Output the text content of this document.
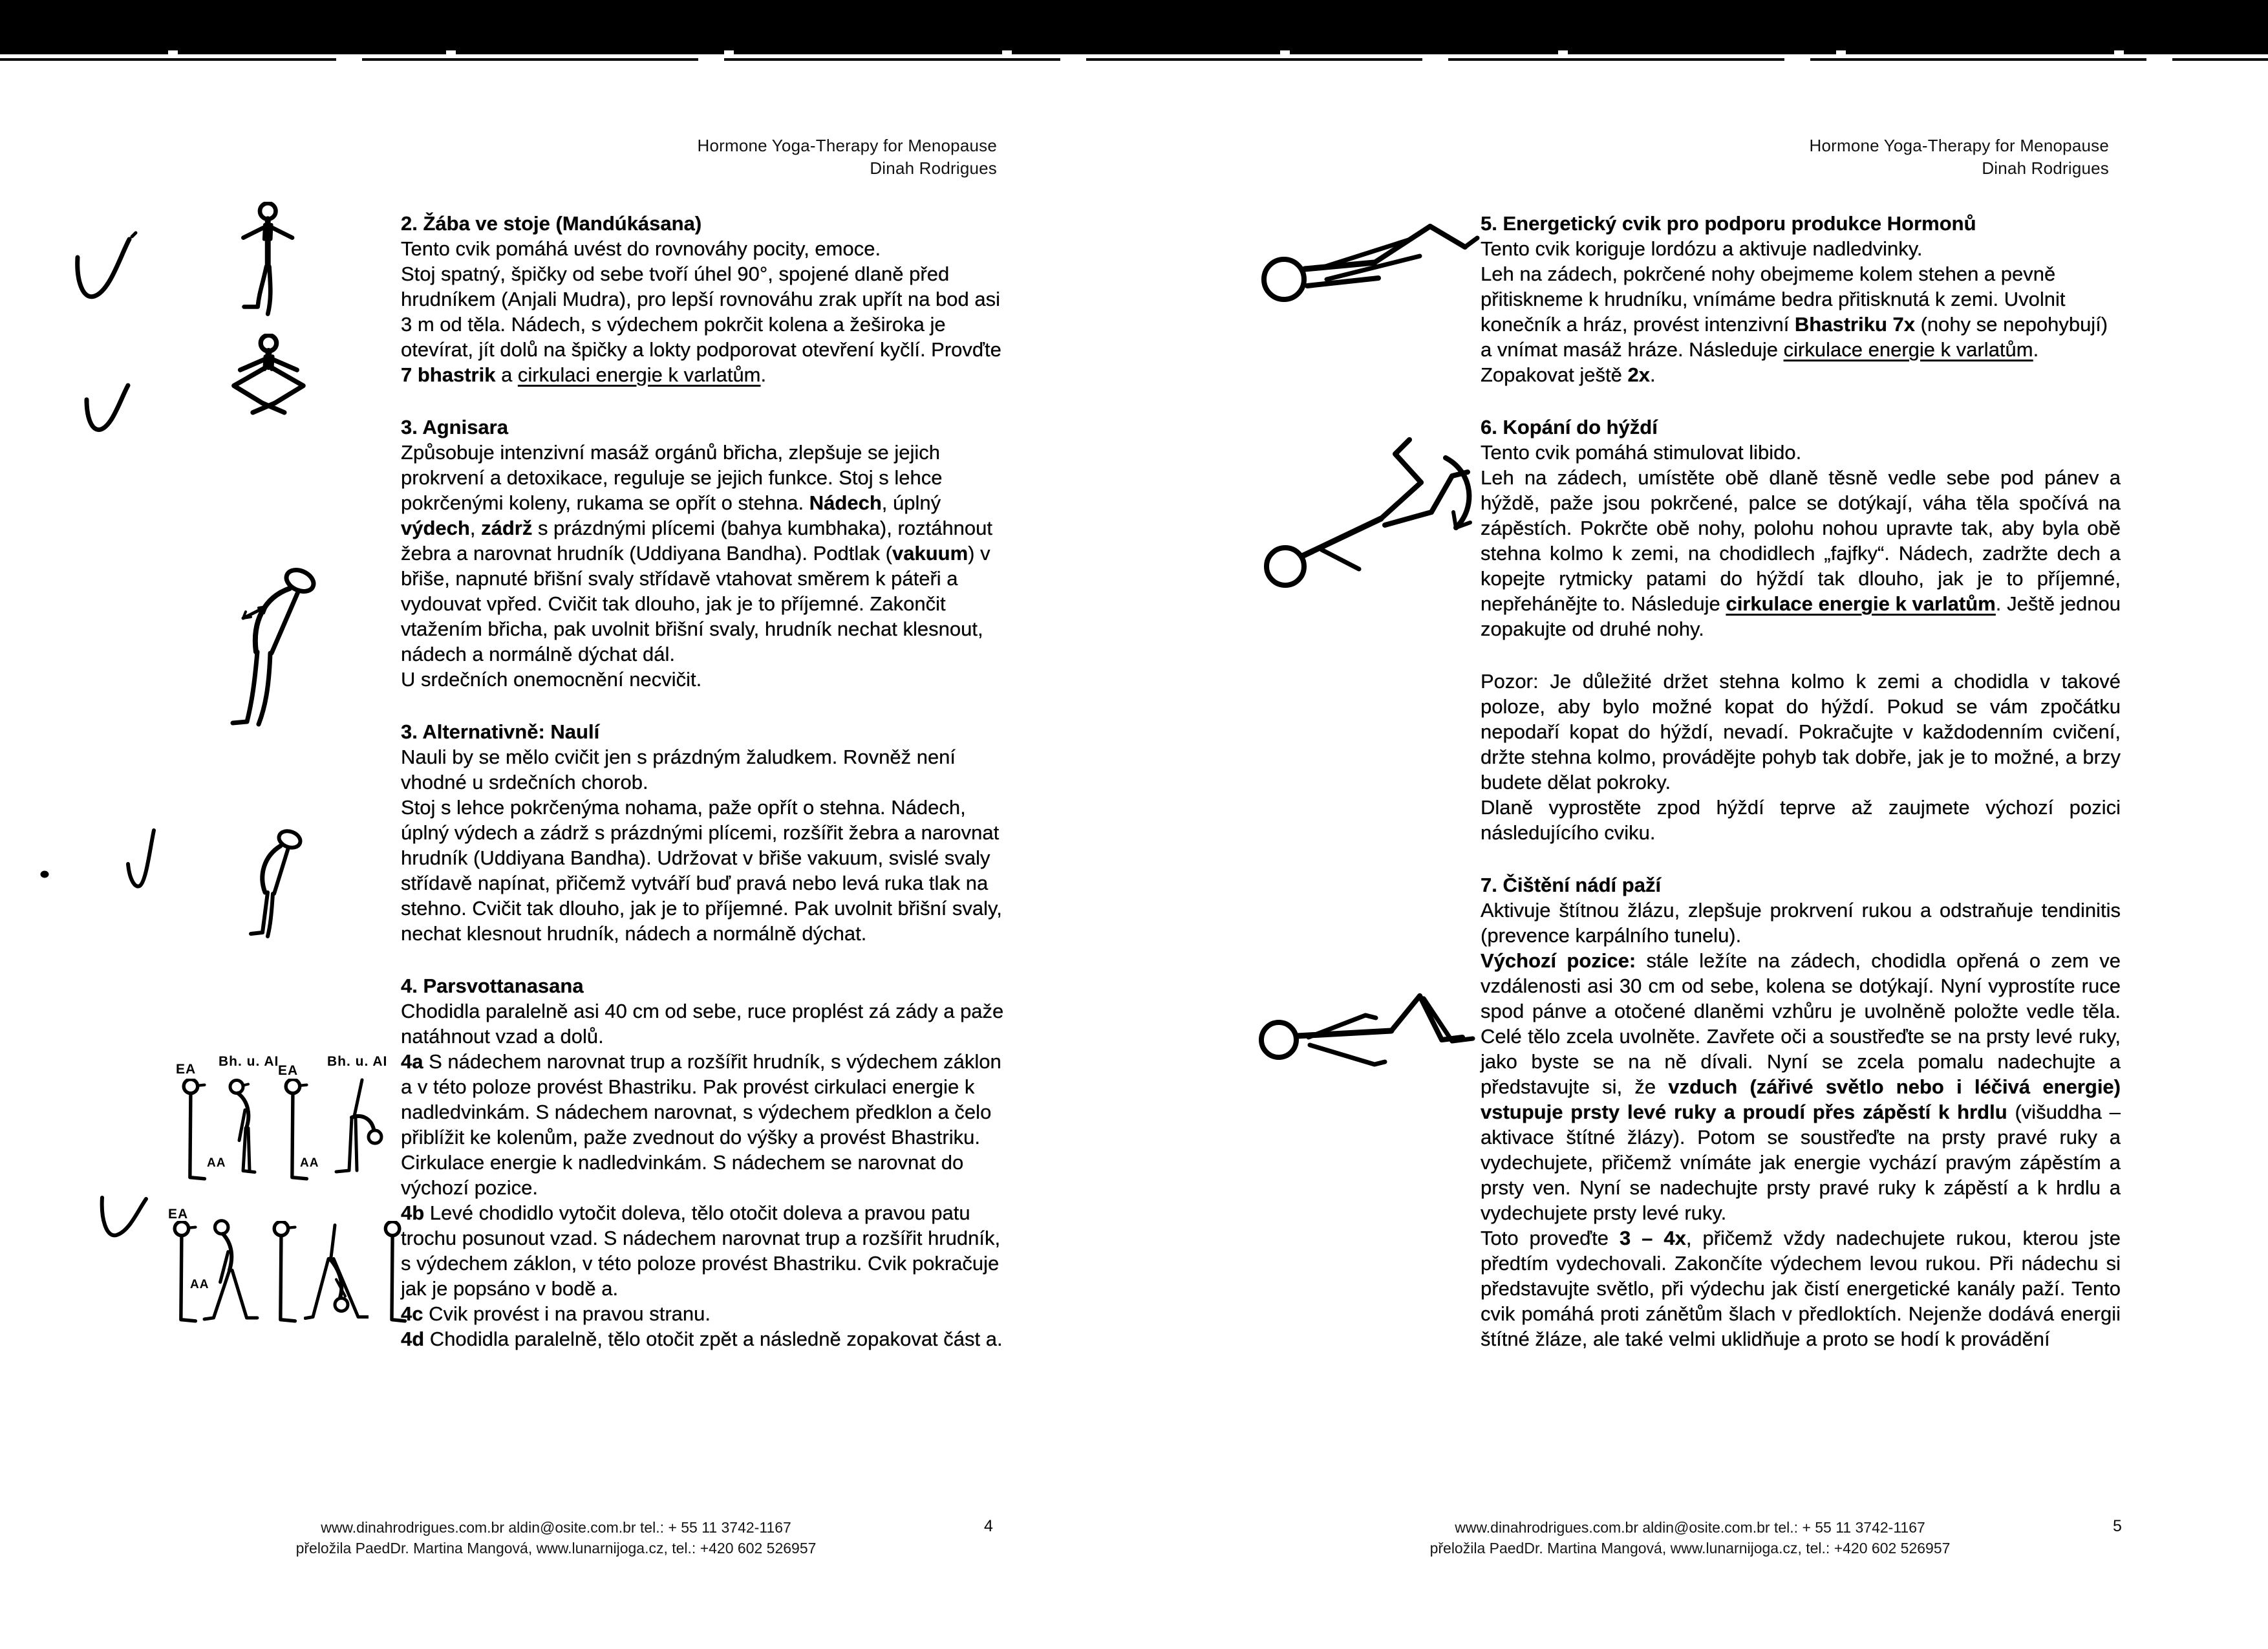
Hormone Yoga-Therapy for Menopause
Dinah Rodrigues
EA
Bh. u. AI
EA
Bh. u. AI
AA	AA
EA
AA
2. Žába ve stoje (Mandúkásana)
Tento cvik pomáhá uvést do rovnováhy pocity, emoce.
Stoj spatný, špičky od sebe tvoří úhel 90°, spojené dlaně před hrudníkem (Anjali Mudra), pro lepší rovnováhu zrak upřít na bod asi 3 m od těla. Nádech, s výdechem pokrčit kolena a žeširoka je otevírat, jít dolů na špičky a lokty podporovat otevření kyčlí. Provďte 7 bhastrik a cirkulaci energie k varlatům.
3. Agnisara
Způsobuje intenzivní masáž orgánů břicha, zlepšuje se jejich prokrvení a detoxikace, reguluje se jejich funkce. Stoj s lehce pokrčenými koleny, rukama se opřít o stehna. Nádech, úplný výdech, zádrž s prázdnými plícemi (bahya kumbhaka), roztáhnout žebra a narovnat hrudník (Uddiyana Bandha). Podtlak (vakuum) v břiše, napnuté břišní svaly střídavě vtahovat směrem k páteři a vydouvat vpřed. Cvičit tak dlouho, jak je to příjemné. Zakončit vtažením břicha, pak uvolnit břišní svaly, hrudník nechat klesnout, nádech a normálně dýchat dál.
U srdečních onemocnění necvičit.
3. Alternativně: Naulí
Nauli by se mělo cvičit jen s prázdným žaludkem. Rovněž není vhodné u srdečních chorob.
Stoj s lehce pokrčenýma nohama, paže opřít o stehna. Nádech, úplný výdech a zádrž s prázdnými plícemi, rozšířit žebra a narovnat hrudník (Uddiyana Bandha). Udržovat v břiše vakuum, svislé svaly střídavě napínat, přičemž vytváří buď pravá nebo levá ruka tlak na stehno. Cvičit tak dlouho, jak je to příjemné. Pak uvolnit břišní svaly, nechat klesnout hrudník, nádech a normálně dýchat.
4. Parsvottanasana
Chodidla paralelně asi 40 cm od sebe, ruce proplést zá zády a paže natáhnout vzad a dolů.
4a S nádechem narovnat trup a rozšířit hrudník, s výdechem záklon a v této poloze provést Bhastriku. Pak provést cirkulaci energie k nadledvinkám. S nádechem narovnat, s výdechem předklon a čelo přiblížit ke kolenům, paže zvednout do výšky a provést Bhastriku. Cirkulace energie k nadledvinkám. S nádechem se narovnat do výchozí pozice.
4b Levé chodidlo vytočit doleva, tělo otočit doleva a pravou patu trochu posunout vzad. S nádechem narovnat trup a rozšířit hrudník, s výdechem záklon, v této poloze provést Bhastriku. Cvik pokračuje jak je popsáno v bodě a.
4c Cvik provést i na pravou stranu.
4d Chodidla paralelně, tělo otočit zpět a následně zopakovat část a.
www.dinahrodrigues.com.br aldin@osite.com.br tel.: + 55 11 3742-1167
přeložila PaedDr. Martina Mangová, www.lunarnijoga.cz, tel.: +420 602 526957
4
Hormone Yoga-Therapy for Menopause
Dinah Rodrigues
5. Energetický cvik pro podporu produkce Hormonů
Tento cvik koriguje lordózu a aktivuje nadledvinky.
Leh na zádech, pokrčené nohy obejmeme kolem stehen a pevně přitiskneme k hrudníku, vnímáme bedra přitisknutá k zemi. Uvolnit konečník a hráz, provést intenzivní Bhastriku 7x (nohy se nepohybují) a vnímat masáž hráze. Následuje cirkulace energie k varlatům. Zopakovat ještě 2x.
6. Kopání do hýždí
Tento cvik pomáhá stimulovat libido.
Leh na zádech, umístěte obě dlaně těsně vedle sebe pod pánev a hýždě, paže jsou pokrčené, palce se dotýkají, váha těla spočívá na zápěstích. Pokrčte obě nohy, polohu nohou upravte tak, aby byla obě stehna kolmo k zemi, na chodidlech „fajfky“. Nádech, zadržte dech a kopejte rytmicky patami do hýždí tak dlouho, jak je to příjemné, nepřehánějte to. Následuje cirkulace energie k varlatům. Ještě jednou zopakujte od druhé nohy.
Pozor: Je důležité držet stehna kolmo k zemi a chodidla v takové poloze, aby bylo možné kopat do hýždí. Pokud se vám zpočátku nepodaří kopat do hýždí, nevadí. Pokračujte v každodenním cvičení, držte stehna kolmo, provádějte pohyb tak dobře, jak je to možné, a brzy budete dělat pokroky.
Dlaně vyprostěte zpod hýždí teprve až zaujmete výchozí pozici následujícího cviku.
7. Čištění nádí paží
Aktivuje štítnou žlázu, zlepšuje prokrvení rukou a odstraňuje tendinitis (prevence karpálního tunelu).
Výchozí pozice: stále ležíte na zádech, chodidla opřená o zem ve vzdálenosti asi 30 cm od sebe, kolena se dotýkají. Nyní vyprostíte ruce spod pánve a otočené dlaněmi vzhůru je uvolněně položte vedle těla. Celé tělo zcela uvolněte. Zavřete oči a soustřeďte se na prsty levé ruky, jako byste se na ně dívali. Nyní se zcela pomalu nadechujte a představujte si, že vzduch (zářivé světlo nebo i léčivá energie) vstupuje prsty levé ruky a proudí přes zápěstí k hrdlu (višuddha – aktivace štítné žlázy). Potom se soustřeďte na prsty pravé ruky a vydechujete, přičemž vnímáte jak energie vychází pravým zápěstím a prsty ven. Nyní se nadechujte prsty pravé ruky k zápěstí a k hrdlu a vydechujete prsty levé ruky.
Toto proveďte 3 – 4x, přičemž vždy nadechujete rukou, kterou jste předtím vydechovali. Zakončíte výdechem levou rukou. Při nádechu si představujte světlo, při výdechu jak čistí energetické kanály paží. Tento cvik pomáhá proti zánětům šlach v předloktích. Nejenže dodává energii štítné žláze, ale také velmi uklidňuje a proto se hodí k provádění
www.dinahrodrigues.com.br aldin@osite.com.br tel.: + 55 11 3742-1167
přeložila PaedDr. Martina Mangová, www.lunarnijoga.cz, tel.: +420 602 526957
5
